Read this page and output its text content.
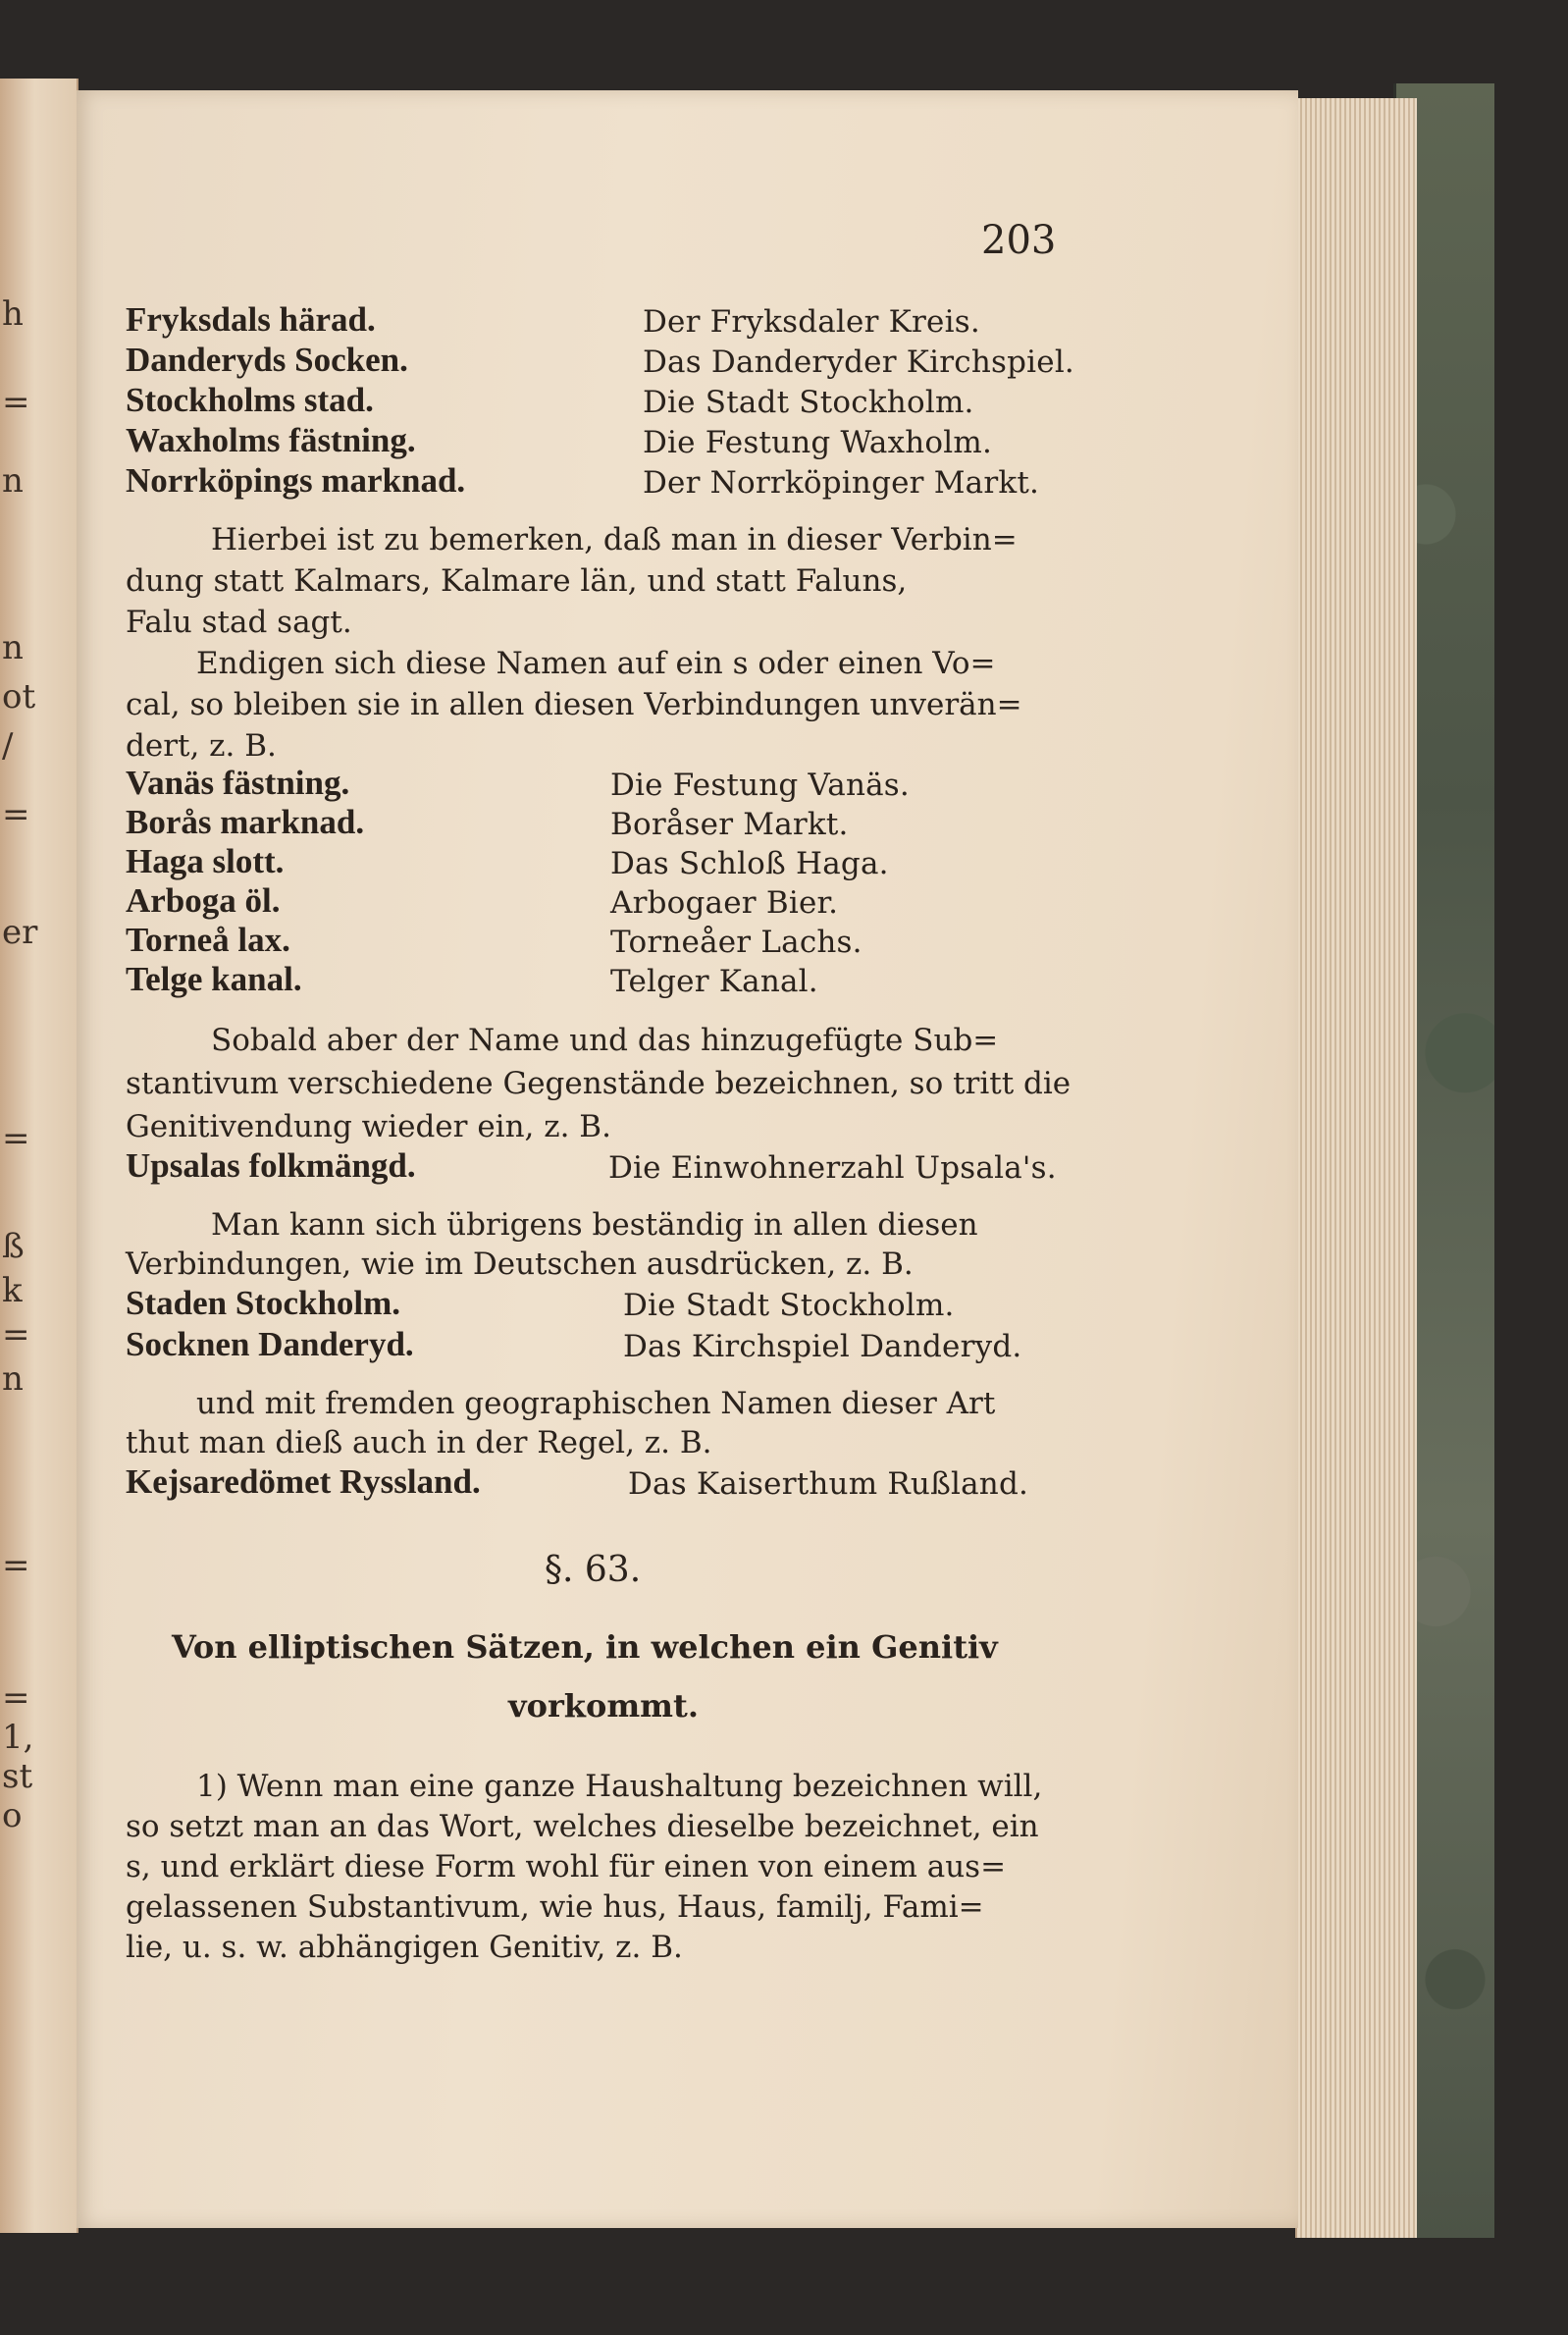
h
=
n
n
ot
/
=
er
=
ß
k
=
n
=
=
1,
st
o
203
Fryksdals härad.	Der Fryksdaler Kreis.
Danderyds Socken.	Das Danderyder Kirchspiel.
Stockholms stad.	Die Stadt Stockholm.
Waxholms fästning.	Die Festung Waxholm.
Norrköpings marknad.	Der Norrköpinger Markt.
Hierbei ist zu bemerken, daß man in dieser Verbin=
dung statt Kalmars, Kalmare län, und statt Faluns,
Falu stad sagt.
Endigen sich diese Namen auf ein s oder einen Vo=
cal, so bleiben sie in allen diesen Verbindungen unverän=
dert, z. B.
Vanäs fästning.	Die Festung Vanäs.
Borås marknad.	Boråser Markt.
Haga slott.	Das Schloß Haga.
Arboga öl.	Arbogaer Bier.
Torneå lax.	Torneåer Lachs.
Telge kanal.	Telger Kanal.
Sobald aber der Name und das hinzugefügte Sub=
stantivum verschiedene Gegenstände bezeichnen, so tritt die
Genitivendung wieder ein, z. B.
Upsalas folkmängd.	Die Einwohnerzahl Upsala's.
Man kann sich übrigens beständig in allen diesen
Verbindungen, wie im Deutschen ausdrücken, z. B.
Staden Stockholm.	Die Stadt Stockholm.
Socknen Danderyd.	Das Kirchspiel Danderyd.
und mit fremden geographischen Namen dieser Art
thut man dieß auch in der Regel, z. B.
Kejsaredömet Ryssland.	Das Kaiserthum Rußland.
§. 63.
Von elliptischen Sätzen, in welchen ein Genitiv
vorkommt.
1) Wenn man eine ganze Haushaltung bezeichnen will,
so setzt man an das Wort, welches dieselbe bezeichnet, ein
s, und erklärt diese Form wohl für einen von einem aus=
gelassenen Substantivum, wie hus, Haus, familj, Fami=
lie, u. s. w. abhängigen Genitiv, z. B.
